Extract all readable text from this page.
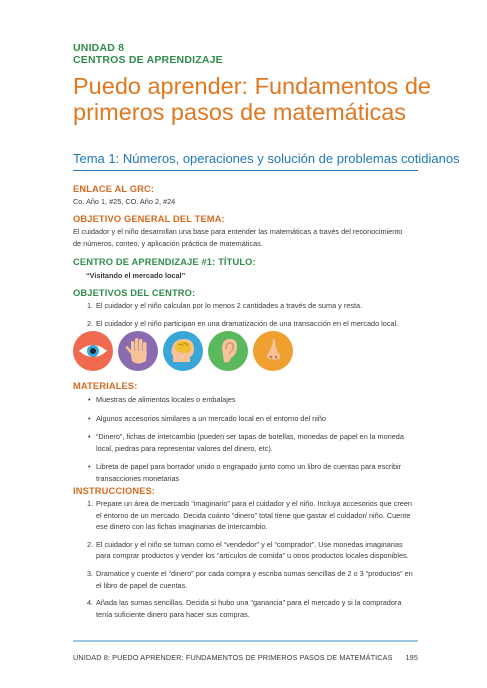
UNIDAD 8
CENTROS DE APRENDIZAJE
Puedo aprender: Fundamentos de
primeros pasos de matemáticas
Tema 1: Números, operaciones y solución de problemas cotidianos
ENLACE AL GRC:
Co. Año 1, #25, CO. Año 2, #24
OBJETIVO GENERAL DEL TEMA:
El cuidador y el niño desarrollan una base para entender las matemáticas a través del reconocimiento
de números, conteo, y aplicación práctica de matemáticas.
CENTRO DE APRENDIZAJE #1: TÍTULO:
“Visitando el mercado local”
OBJETIVOS DEL CENTRO:
1. El cuidador y el niño calculan por lo menos 2 cantidades a través de suma y resta.
2. El cuidador y el niño participan en una dramatización de una transacción en el mercado local.
MATERIALES:
• Muestras de alimentos locales o embalajes
• Algunos accesorios similares a un mercado local en el entorno del niño
• “Dinero”, fichas de intercambio (pueden ser tapas de botellas, monedas de papel en la moneda local, piedras para representar valores del dinero, etc).
• Libreta de papel para borrador unido o engrapado junto como un libro de cuentas para escribir transacciones monetarias
INSTRUCCIONES:
1. Prepare un área de mercado “imaginario” para el cuidador y el niño. Incluya accesorios que creen el entorno de un mercado. Decida cuánto “dinero” total tiene que gastar el cuidador/ niño. Cuente ese dinero con las fichas imaginarias de intercambio.
2. El cuidador y el niño se turnan como el “vendedor” y el “comprador”. Use monedas imaginarias para comprar productos y vender los “artículos de comida” u otros productos locales disponibles.
3. Dramatice y cuente el “dinero” por cada compra y escriba sumas sencillas de 2 o 3 “productos” en el libro de papel de cuentas.
4. Añada las sumas sencillas. Decida si hubo una “ganancia” para el mercado y si la compradora tenía suficiente dinero para hacer sus compras.
UNIDAD 8: PUEDO APRENDER: FUNDAMENTOS DE PRIMEROS PASOS DE MATEMÁTICAS 195
